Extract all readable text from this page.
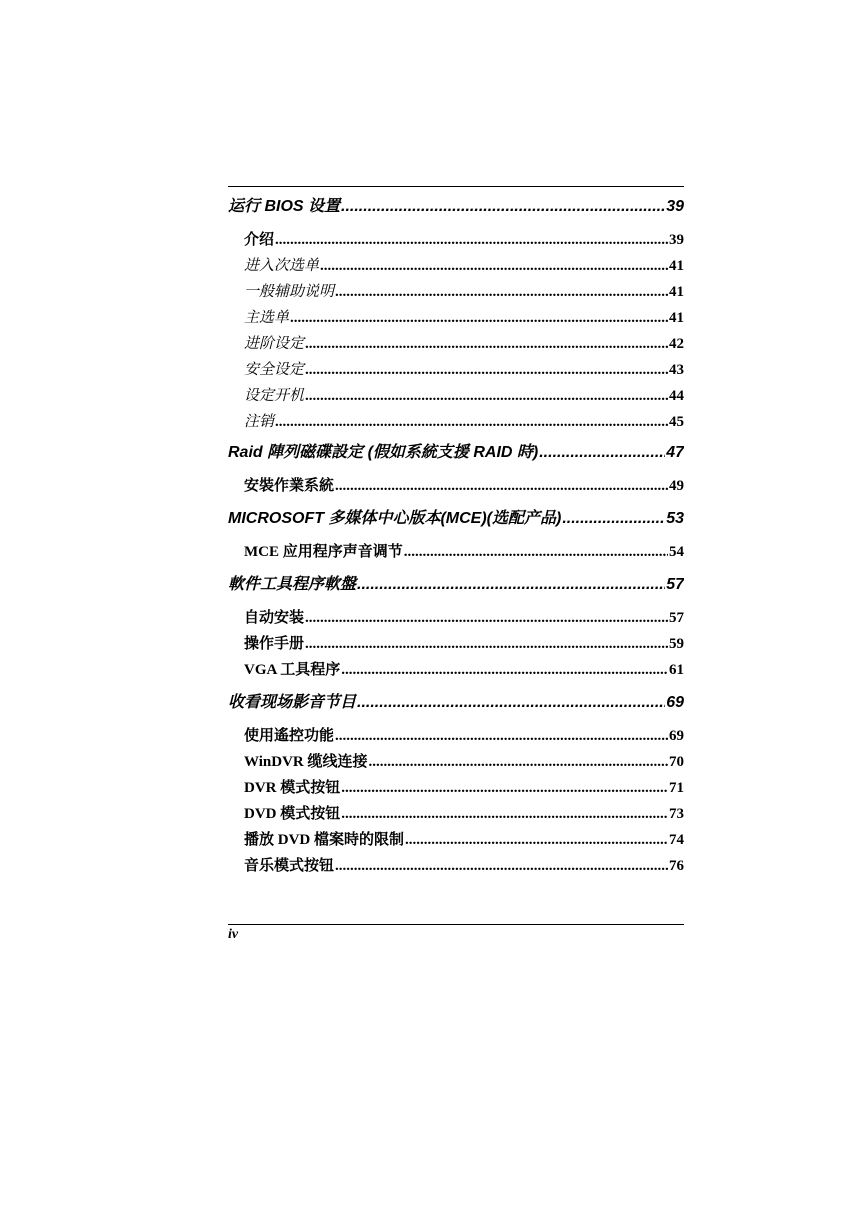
运行 BIOS 设置 .....	39
介绍 .....	39
进入次选单 .....	41
一般辅助说明 .....	41
主选单 .....	41
进阶设定 .....	42
安全设定 .....	43
设定开机 .....	44
注销 .....	45
Raid 陣列磁碟設定 (假如系統支援 RAID 時) .....	47
安裝作業系統 .....	49
MICROSOFT 多媒体中心版本(MCE)(选配产品) .....	53
MCE 应用程序声音调节 .....	54
軟件工具程序軟盤 .....	57
自动安装 .....	57
操作手册 .....	59
VGA 工具程序 .....	61
收看现场影音节目 .....	69
使用遙控功能 .....	69
WinDVR 缆线连接 .....	70
DVR 模式按钮 .....	71
DVD 模式按钮 .....	73
播放 DVD 檔案時的限制 .....	74
音乐模式按钮 .....	76
iv
